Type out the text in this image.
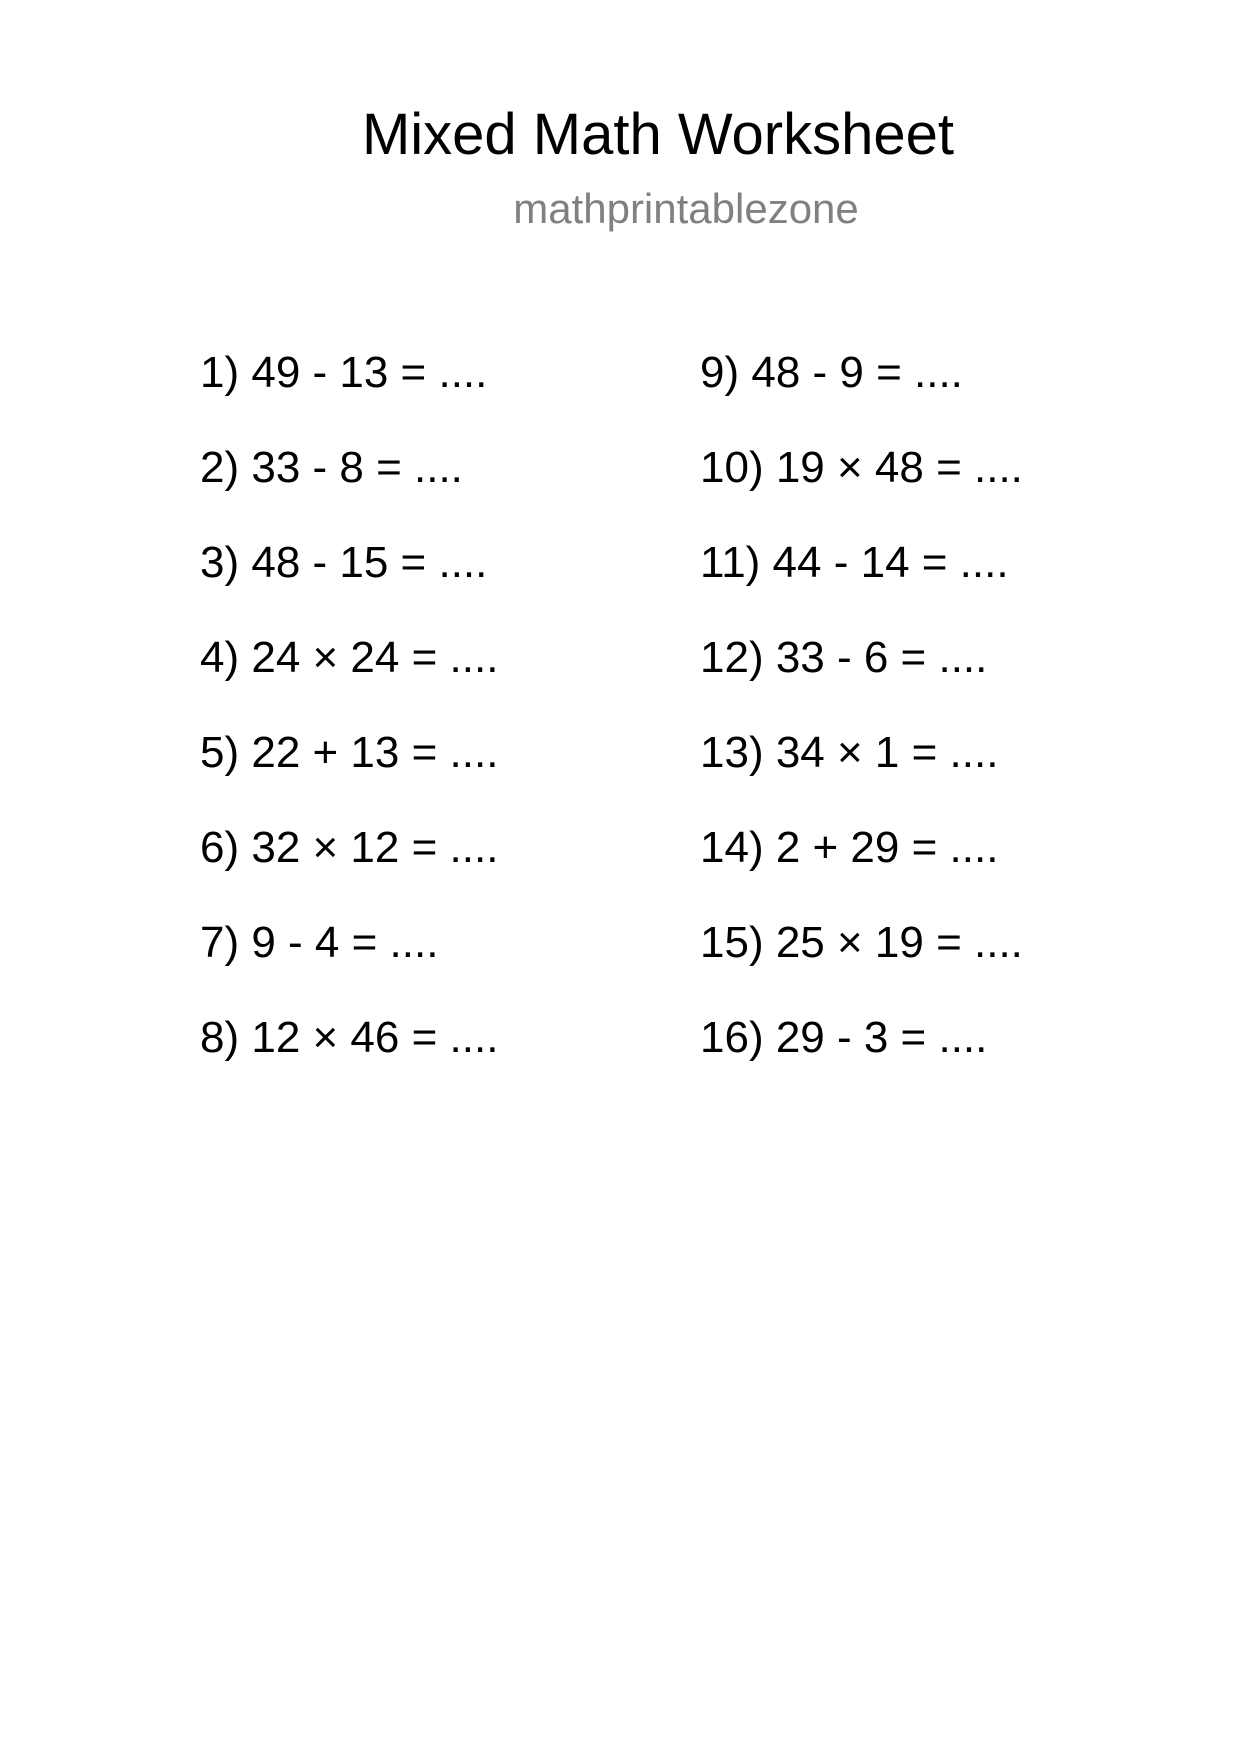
Mixed Math Worksheet
mathprintablezone
1) 49 - 13 = ....
2) 33 - 8 = ....
3) 48 - 15 = ....
4) 24 × 24 = ....
5) 22 + 13 = ....
6) 32 × 12 = ....
7) 9 - 4 = ....
8) 12 × 46 = ....
9) 48 - 9 = ....
10) 19 × 48 = ....
11) 44 - 14 = ....
12) 33 - 6 = ....
13) 34 × 1 = ....
14) 2 + 29 = ....
15) 25 × 19 = ....
16) 29 - 3 = ....
